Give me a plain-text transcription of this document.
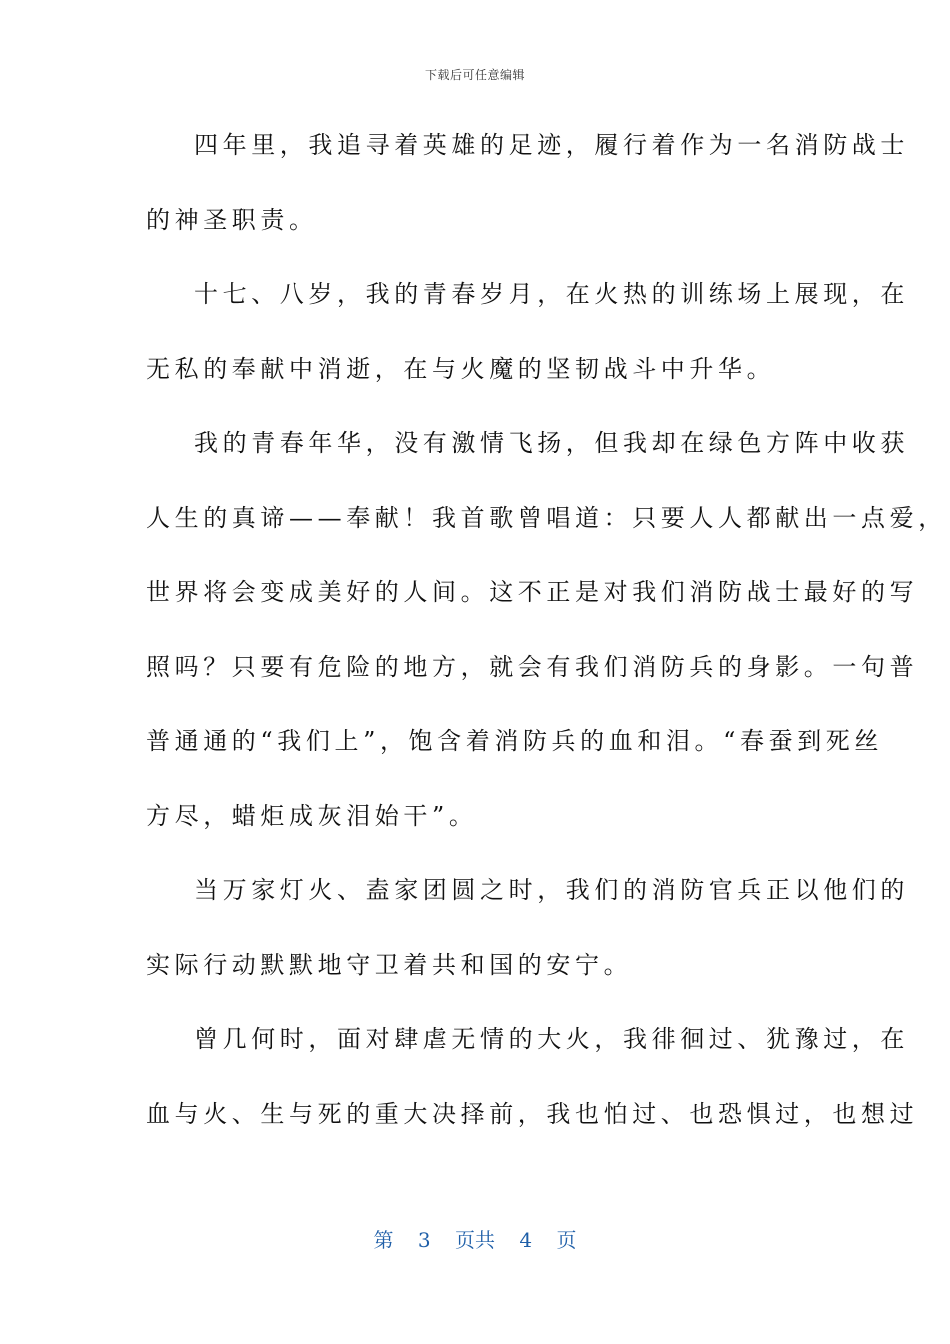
下载后可任意编辑
四年里，我追寻着英雄的足迹，履行着作为一名消防战士
的神圣职责。
十七、八岁，我的青春岁月，在火热的训练场上展现，在
无私的奉献中消逝，在与火魔的坚韧战斗中升华。
我的青春年华，没有激情飞扬，但我却在绿色方阵中收获
人生的真谛——奉献！我首歌曾唱道：只要人人都献出一点爱，
世界将会变成美好的人间。这不正是对我们消防战士最好的写
照吗？只要有危险的地方，就会有我们消防兵的身影。一句普
普通通的“我们上”，饱含着消防兵的血和泪。“春蚕到死丝
方尽，蜡炬成灰泪始干”。
当万家灯火、盍家团圆之时，我们的消防官兵正以他们的
实际行动默默地守卫着共和国的安宁。
曾几何时，面对肆虐无情的大火，我徘徊过、犹豫过，在
血与火、生与死的重大决择前，我也怕过、也恐惧过，也想过
第 3 页共 4 页
